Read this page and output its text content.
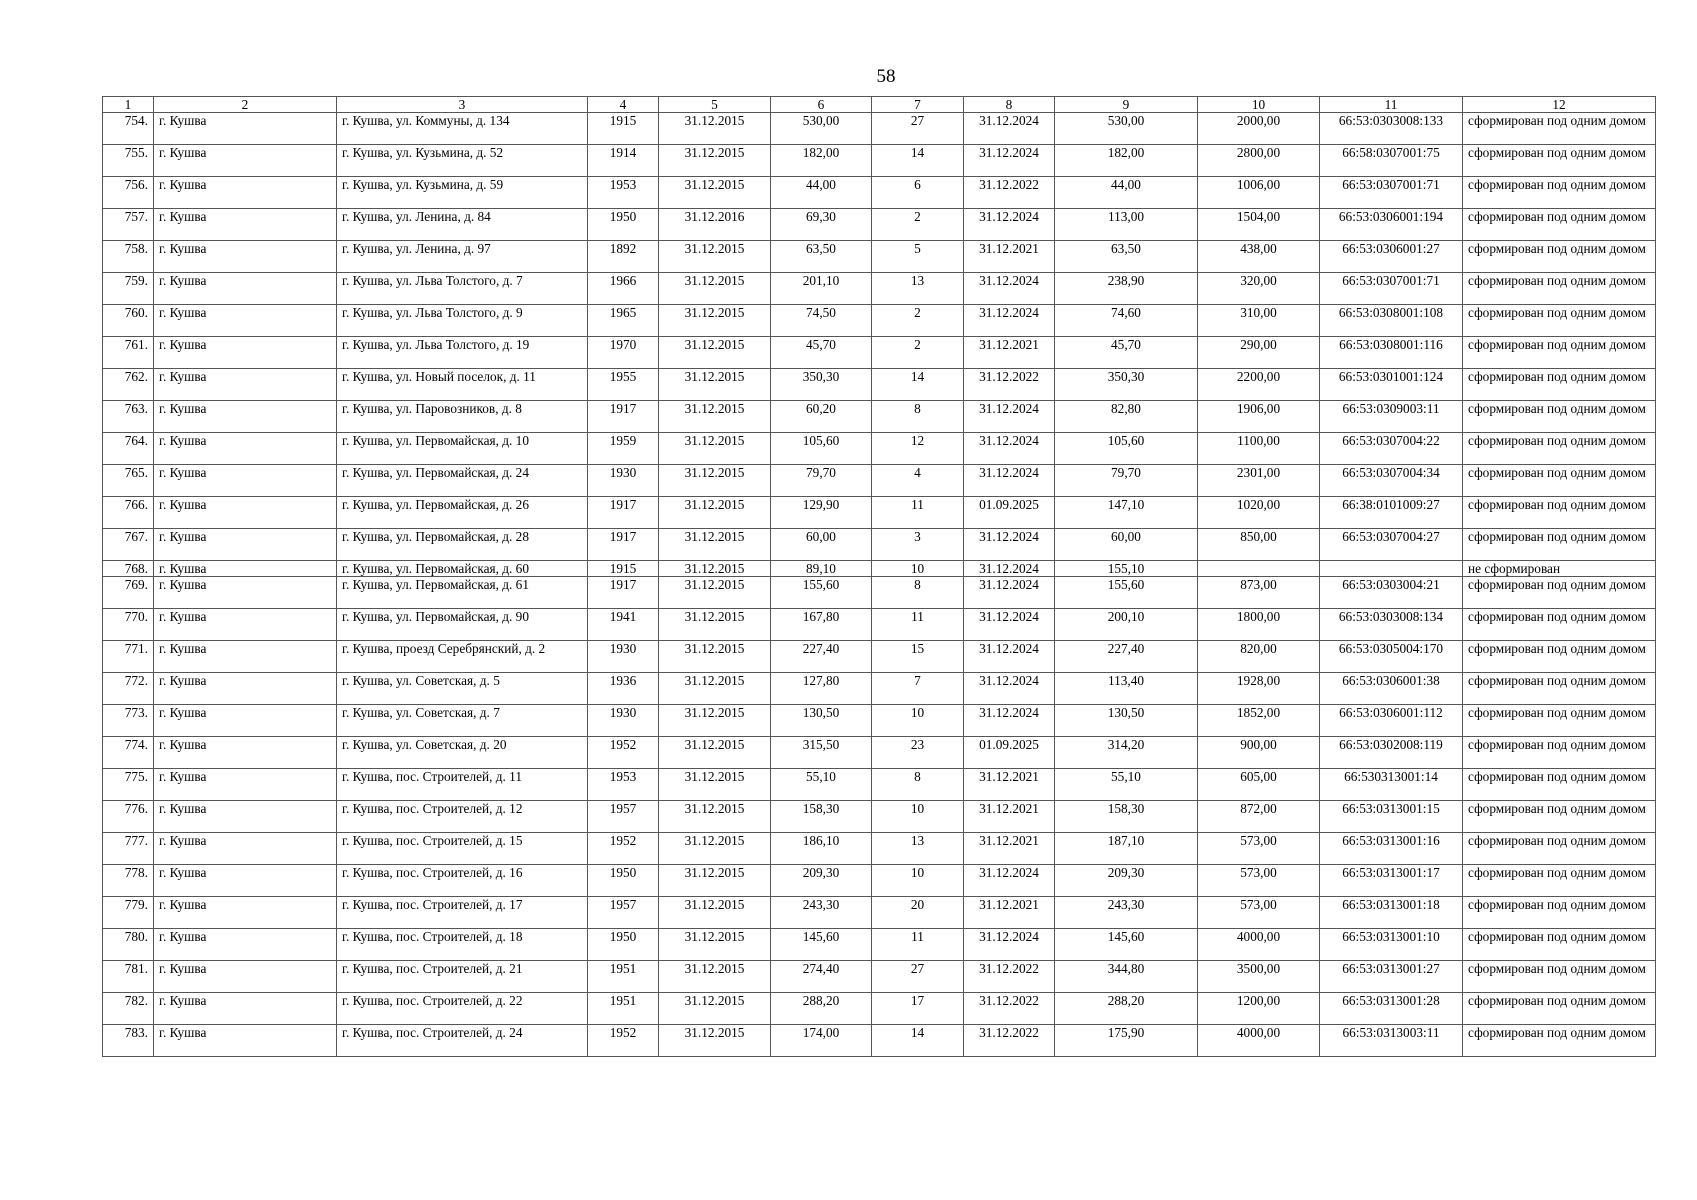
58
1	2	3	4	5	6	7	8	9	10	11	12
754.	г. Кушва	г. Кушва, ул. Коммуны, д. 134	1915	31.12.2015	530,00	27	31.12.2024	530,00	2000,00	66:53:0303008:133	сформирован под одним домом
755.	г. Кушва	г. Кушва, ул. Кузьмина, д. 52	1914	31.12.2015	182,00	14	31.12.2024	182,00	2800,00	66:58:0307001:75	сформирован под одним домом
756.	г. Кушва	г. Кушва, ул. Кузьмина, д. 59	1953	31.12.2015	44,00	6	31.12.2022	44,00	1006,00	66:53:0307001:71	сформирован под одним домом
757.	г. Кушва	г. Кушва, ул. Ленина, д. 84	1950	31.12.2016	69,30	2	31.12.2024	113,00	1504,00	66:53:0306001:194	сформирован под одним домом
758.	г. Кушва	г. Кушва, ул. Ленина, д. 97	1892	31.12.2015	63,50	5	31.12.2021	63,50	438,00	66:53:0306001:27	сформирован под одним домом
759.	г. Кушва	г. Кушва, ул. Льва Толстого, д. 7	1966	31.12.2015	201,10	13	31.12.2024	238,90	320,00	66:53:0307001:71	сформирован под одним домом
760.	г. Кушва	г. Кушва, ул. Льва Толстого, д. 9	1965	31.12.2015	74,50	2	31.12.2024	74,60	310,00	66:53:0308001:108	сформирован под одним домом
761.	г. Кушва	г. Кушва, ул. Льва Толстого, д. 19	1970	31.12.2015	45,70	2	31.12.2021	45,70	290,00	66:53:0308001:116	сформирован под одним домом
762.	г. Кушва	г. Кушва, ул. Новый поселок, д. 11	1955	31.12.2015	350,30	14	31.12.2022	350,30	2200,00	66:53:0301001:124	сформирован под одним домом
763.	г. Кушва	г. Кушва, ул. Паровозников, д. 8	1917	31.12.2015	60,20	8	31.12.2024	82,80	1906,00	66:53:0309003:11	сформирован под одним домом
764.	г. Кушва	г. Кушва, ул. Первомайская, д. 10	1959	31.12.2015	105,60	12	31.12.2024	105,60	1100,00	66:53:0307004:22	сформирован под одним домом
765.	г. Кушва	г. Кушва, ул. Первомайская, д. 24	1930	31.12.2015	79,70	4	31.12.2024	79,70	2301,00	66:53:0307004:34	сформирован под одним домом
766.	г. Кушва	г. Кушва, ул. Первомайская, д. 26	1917	31.12.2015	129,90	11	01.09.2025	147,10	1020,00	66:38:0101009:27	сформирован под одним домом
767.	г. Кушва	г. Кушва, ул. Первомайская, д. 28	1917	31.12.2015	60,00	3	31.12.2024	60,00	850,00	66:53:0307004:27	сформирован под одним домом
768.	г. Кушва	г. Кушва, ул. Первомайская, д. 60	1915	31.12.2015	89,10	10	31.12.2024	155,10			не сформирован
769.	г. Кушва	г. Кушва, ул. Первомайская, д. 61	1917	31.12.2015	155,60	8	31.12.2024	155,60	873,00	66:53:0303004:21	сформирован под одним домом
770.	г. Кушва	г. Кушва, ул. Первомайская, д. 90	1941	31.12.2015	167,80	11	31.12.2024	200,10	1800,00	66:53:0303008:134	сформирован под одним домом
771.	г. Кушва	г. Кушва, проезд Серебрянский, д. 2	1930	31.12.2015	227,40	15	31.12.2024	227,40	820,00	66:53:0305004:170	сформирован под одним домом
772.	г. Кушва	г. Кушва, ул. Советская, д. 5	1936	31.12.2015	127,80	7	31.12.2024	113,40	1928,00	66:53:0306001:38	сформирован под одним домом
773.	г. Кушва	г. Кушва, ул. Советская, д. 7	1930	31.12.2015	130,50	10	31.12.2024	130,50	1852,00	66:53:0306001:112	сформирован под одним домом
774.	г. Кушва	г. Кушва, ул. Советская, д. 20	1952	31.12.2015	315,50	23	01.09.2025	314,20	900,00	66:53:0302008:119	сформирован под одним домом
775.	г. Кушва	г. Кушва, пос. Строителей, д. 11	1953	31.12.2015	55,10	8	31.12.2021	55,10	605,00	66:530313001:14	сформирован под одним домом
776.	г. Кушва	г. Кушва, пос. Строителей, д. 12	1957	31.12.2015	158,30	10	31.12.2021	158,30	872,00	66:53:0313001:15	сформирован под одним домом
777.	г. Кушва	г. Кушва, пос. Строителей, д. 15	1952	31.12.2015	186,10	13	31.12.2021	187,10	573,00	66:53:0313001:16	сформирован под одним домом
778.	г. Кушва	г. Кушва, пос. Строителей, д. 16	1950	31.12.2015	209,30	10	31.12.2024	209,30	573,00	66:53:0313001:17	сформирован под одним домом
779.	г. Кушва	г. Кушва, пос. Строителей, д. 17	1957	31.12.2015	243,30	20	31.12.2021	243,30	573,00	66:53:0313001:18	сформирован под одним домом
780.	г. Кушва	г. Кушва, пос. Строителей, д. 18	1950	31.12.2015	145,60	11	31.12.2024	145,60	4000,00	66:53:0313001:10	сформирован под одним домом
781.	г. Кушва	г. Кушва, пос. Строителей, д. 21	1951	31.12.2015	274,40	27	31.12.2022	344,80	3500,00	66:53:0313001:27	сформирован под одним домом
782.	г. Кушва	г. Кушва, пос. Строителей, д. 22	1951	31.12.2015	288,20	17	31.12.2022	288,20	1200,00	66:53:0313001:28	сформирован под одним домом
783.	г. Кушва	г. Кушва, пос. Строителей, д. 24	1952	31.12.2015	174,00	14	31.12.2022	175,90	4000,00	66:53:0313003:11	сформирован под одним домом
